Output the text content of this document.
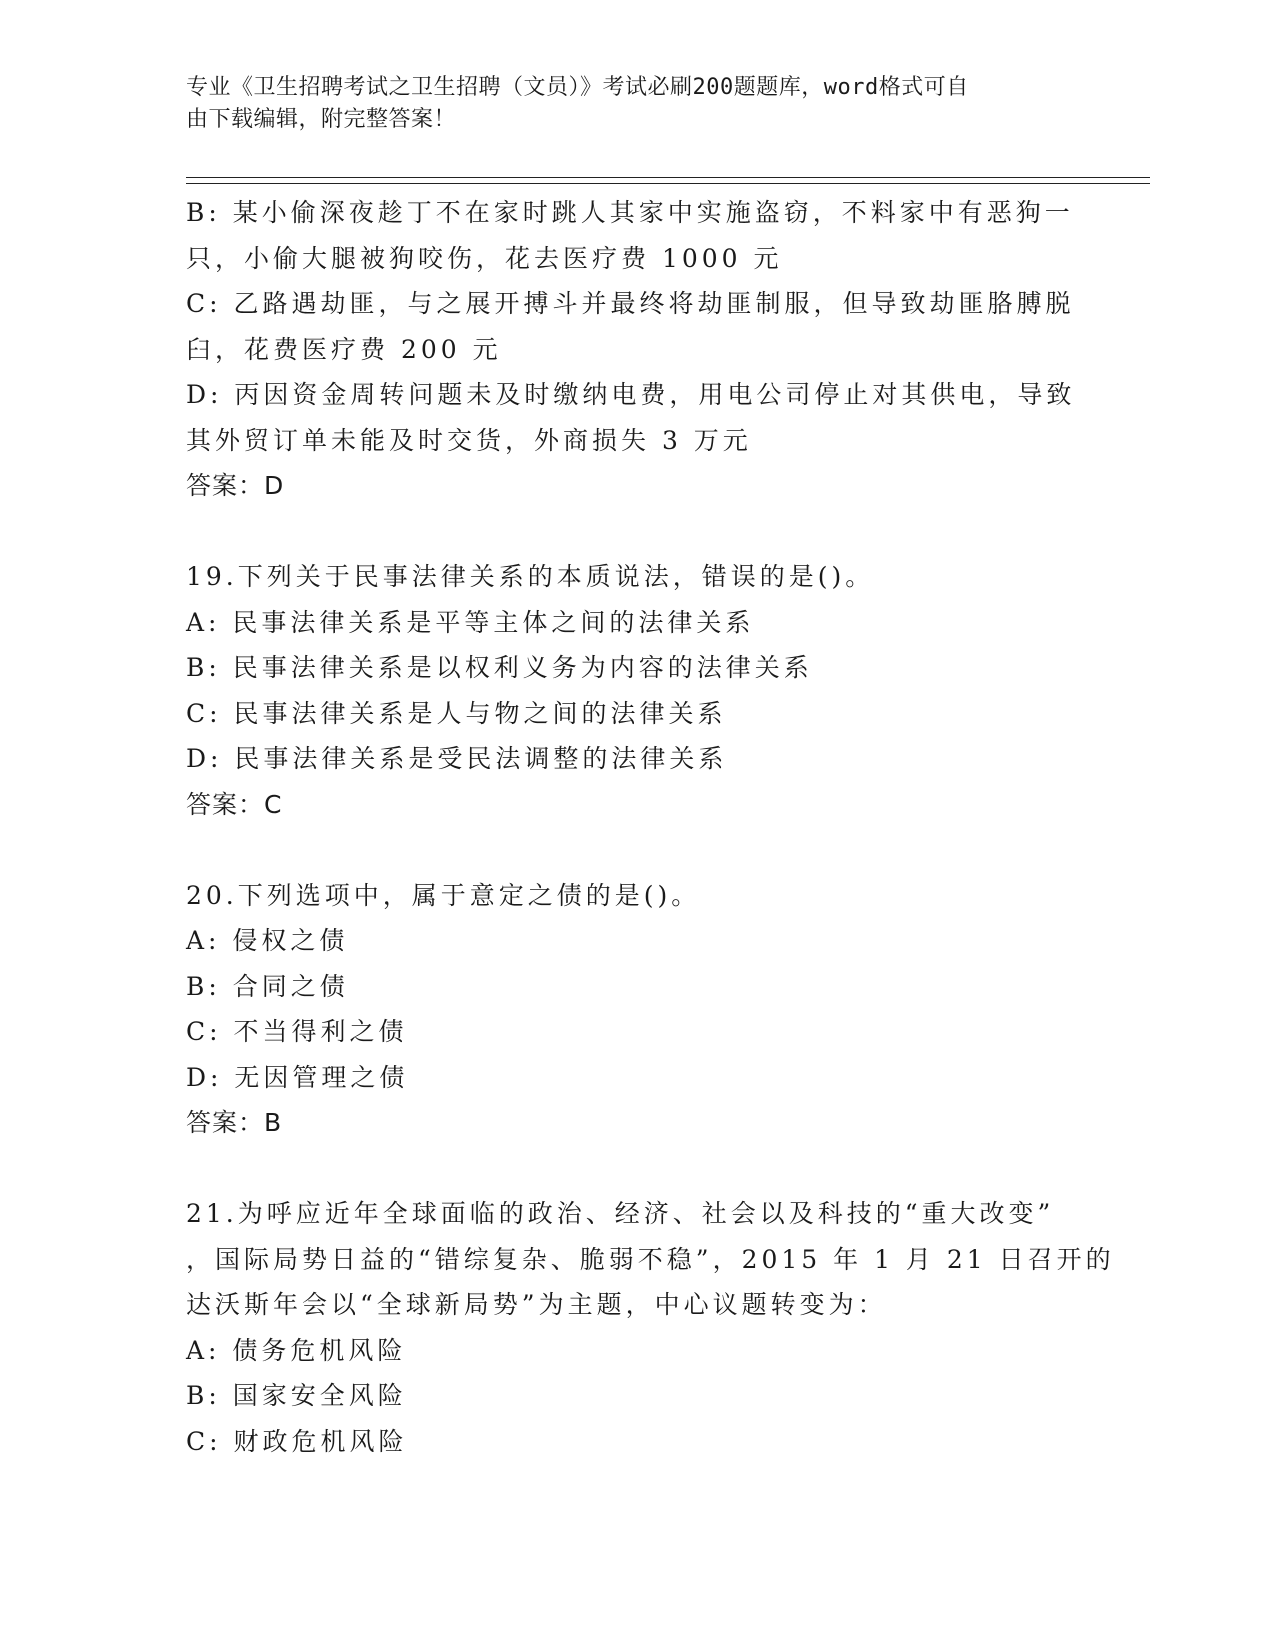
专业《卫生招聘考试之卫生招聘（文员）》考试必刷200题题库，word格式可自
由下载编辑，附完整答案！
B: 某小偷深夜趁丁不在家时跳人其家中实施盗窃，不料家中有恶狗一
只，小偷大腿被狗咬伤，花去医疗费 1000 元
C: 乙路遇劫匪，与之展开搏斗并最终将劫匪制服，但导致劫匪胳膊脱
臼，花费医疗费 200 元
D: 丙因资金周转问题未及时缴纳电费，用电公司停止对其供电，导致
其外贸订单未能及时交货，外商损失 3 万元
答案：D
19.下列关于民事法律关系的本质说法，错误的是()。
A: 民事法律关系是平等主体之间的法律关系
B: 民事法律关系是以权利义务为内容的法律关系
C: 民事法律关系是人与物之间的法律关系
D: 民事法律关系是受民法调整的法律关系
答案：C
20.下列选项中，属于意定之债的是()。
A: 侵权之债
B: 合同之债
C: 不当得利之债
D: 无因管理之债
答案：B
21.为呼应近年全球面临的政治、经济、社会以及科技的“重大改变”
，国际局势日益的“错综复杂、脆弱不稳”，2015 年 1 月 21 日召开的
达沃斯年会以“全球新局势”为主题，中心议题转变为：
A: 债务危机风险
B: 国家安全风险
C: 财政危机风险
